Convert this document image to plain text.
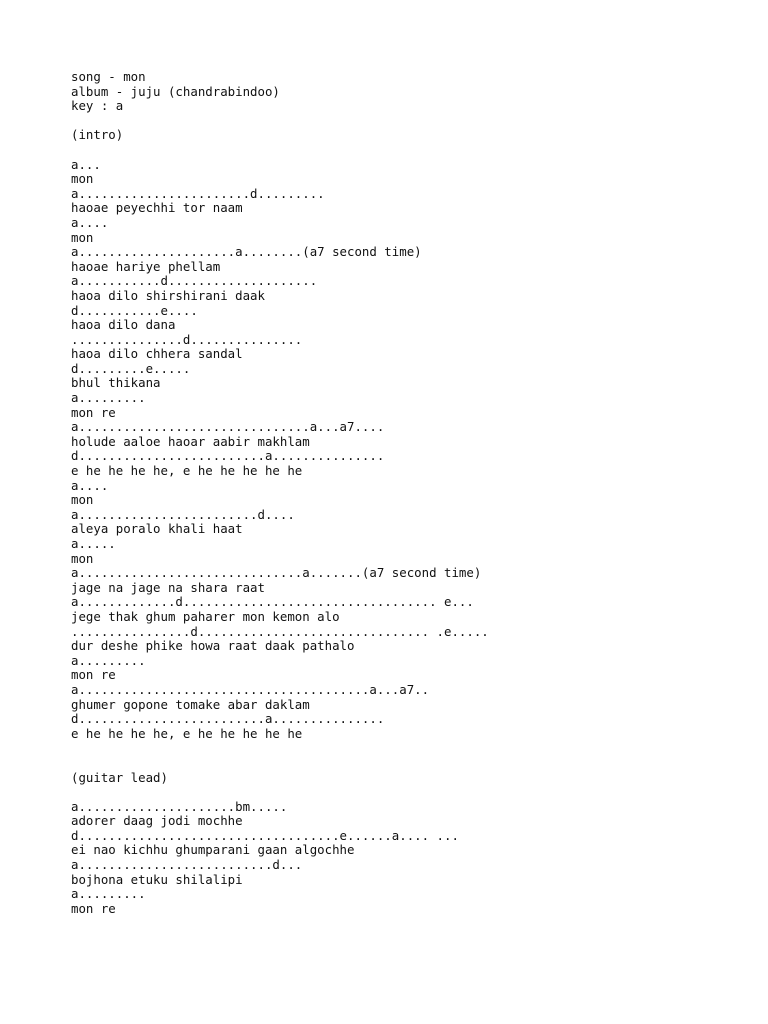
song - mon
album - juju (chandrabindoo)
key : a
(intro)
a...
mon
a.......................d.........
haoae peyechhi tor naam
a....
mon
a.....................a........(a7 second time)
haoae hariye phellam
a...........d....................
haoa dilo shirshirani daak
d...........e....
haoa dilo dana
...............d...............
haoa dilo chhera sandal
d.........e.....
bhul thikana
a.........
mon re
a...............................a...a7....
holude aaloe haoar aabir makhlam
d.........................a...............
e he he he he, e he he he he he
a....
mon
a........................d....
aleya poralo khali haat
a.....
mon
a..............................a.......(a7 second time)
jage na jage na shara raat
a.............d.................................. e...
jege thak ghum paharer mon kemon alo
................d............................... .e.....
dur deshe phike howa raat daak pathalo
a.........
mon re
a.......................................a...a7..
ghumer gopone tomake abar daklam
d.........................a...............
e he he he he, e he he he he he
(guitar lead)
a.....................bm.....
adorer daag jodi mochhe
d...................................e......a.... ...
ei nao kichhu ghumparani gaan algochhe
a..........................d...
bojhona etuku shilalipi
a.........
mon re
